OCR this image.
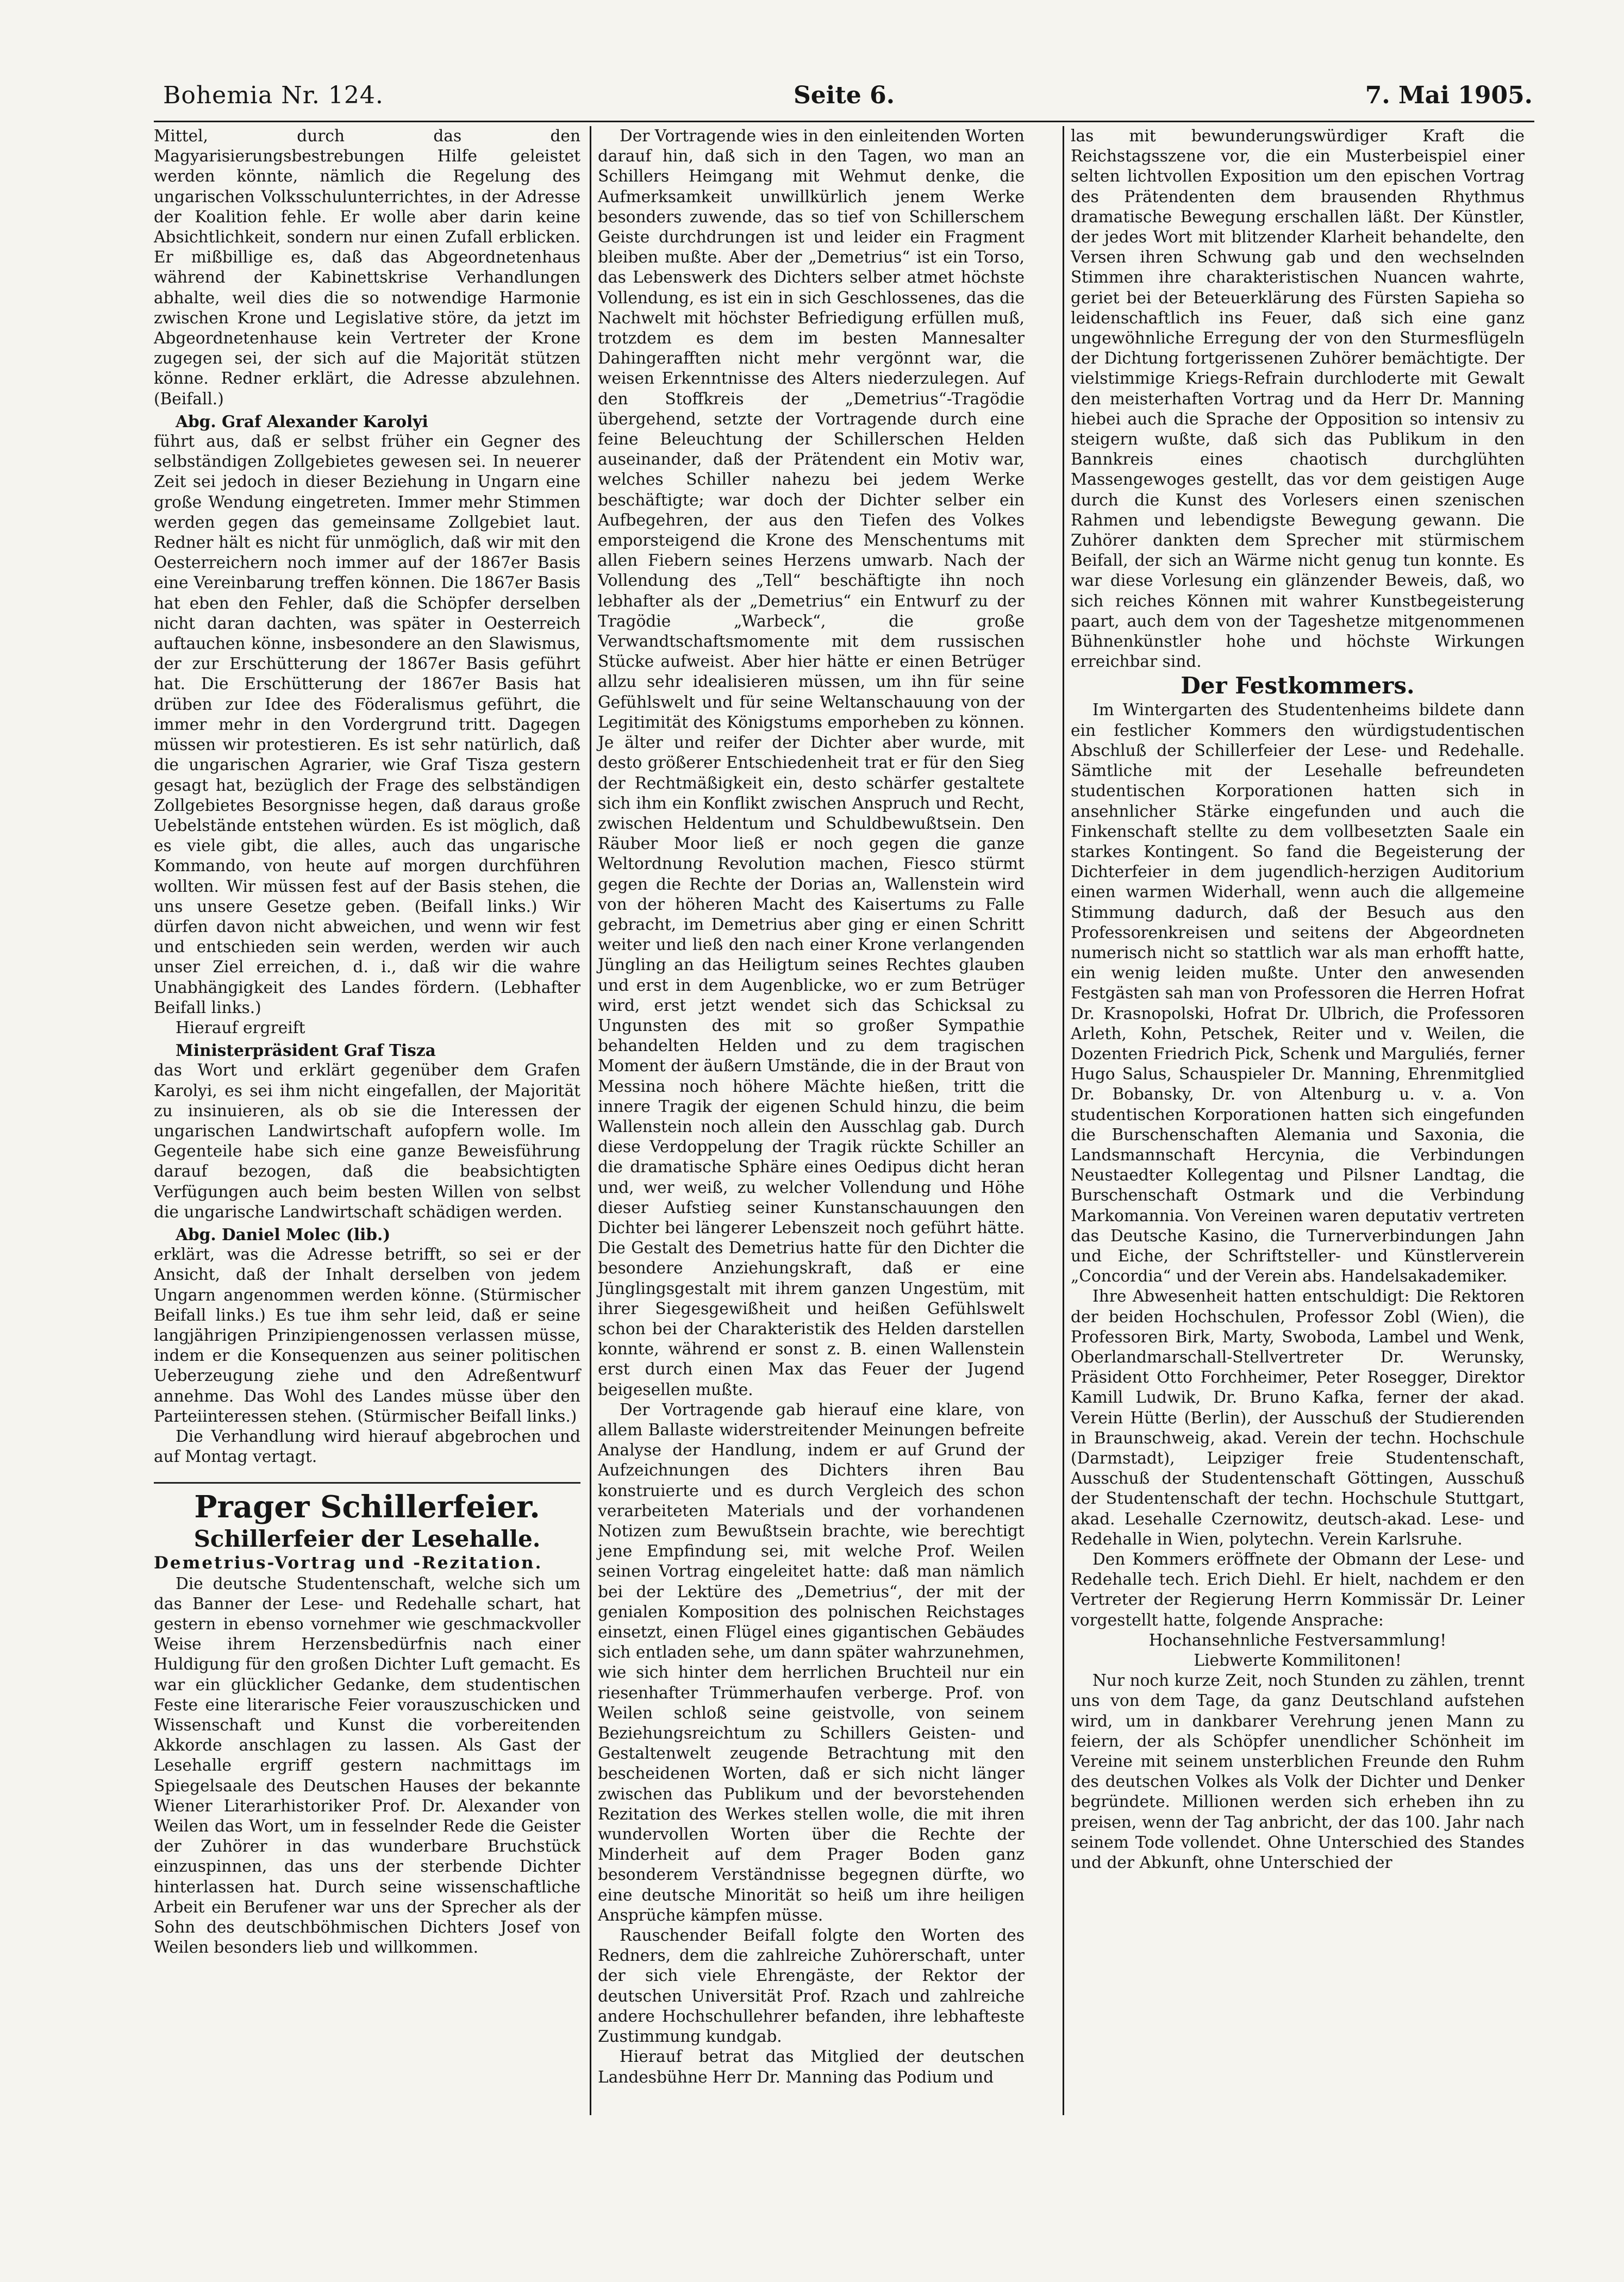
Bohemia Nr. 124.	Seite 6.	7. Mai 1905.

Mittel, durch das den Magyarisierungsbestrebungen Hilfe geleistet werden könnte, nämlich die Regelung des ungarischen Volksschulunterrichtes, in der Adresse der Koalition fehle. Er wolle aber darin keine Absichtlichkeit, sondern nur einen Zufall erblicken. Er mißbillige es, daß das Abgeordnetenhaus während der Kabinettskrise Verhandlungen abhalte, weil dies die so notwendige Harmonie zwischen Krone und Legislative störe, da jetzt im Abgeordnetenhause kein Vertreter der Krone zugegen sei, der sich auf die Majorität stützen könne. Redner erklärt, die Adresse abzulehnen. (Beifall.)

Abg. Graf Alexander Karolyi

führt aus, daß er selbst früher ein Gegner des selbständigen Zollgebietes gewesen sei. In neuerer Zeit sei jedoch in dieser Beziehung in Ungarn eine große Wendung eingetreten. Immer mehr Stimmen werden gegen das gemeinsame Zollgebiet laut. Redner hält es nicht für unmöglich, daß wir mit den Oesterreichern noch immer auf der 1867er Basis eine Vereinbarung treffen können. Die 1867er Basis hat eben den Fehler, daß die Schöpfer derselben nicht daran dachten, was später in Oesterreich auftauchen könne, insbesondere an den Slawismus, der zur Erschütterung der 1867er Basis geführt hat. Die Erschütterung der 1867er Basis hat drüben zur Idee des Föderalismus geführt, die immer mehr in den Vordergrund tritt. Dagegen müssen wir protestieren. Es ist sehr natürlich, daß die ungarischen Agrarier, wie Graf Tisza gestern gesagt hat, bezüglich der Frage des selbständigen Zollgebietes Besorgnisse hegen, daß daraus große Uebelstände entstehen würden. Es ist möglich, daß es viele gibt, die alles, auch das ungarische Kommando, von heute auf morgen durchführen wollten. Wir müssen fest auf der Basis stehen, die uns unsere Gesetze geben. (Beifall links.) Wir dürfen davon nicht abweichen, und wenn wir fest und entschieden sein werden, werden wir auch unser Ziel erreichen, d. i., daß wir die wahre Unabhängigkeit des Landes fördern. (Lebhafter Beifall links.)

Hierauf ergreift

Ministerpräsident Graf Tisza

das Wort und erklärt gegenüber dem Grafen Karolyi, es sei ihm nicht eingefallen, der Majorität zu insinuieren, als ob sie die Interessen der ungarischen Landwirtschaft aufopfern wolle. Im Gegenteile habe sich eine ganze Beweisführung darauf bezogen, daß die beabsichtigten Verfügungen auch beim besten Willen von selbst die ungarische Landwirtschaft schädigen werden.

Abg. Daniel Molec (lib.)

erklärt, was die Adresse betrifft, so sei er der Ansicht, daß der Inhalt derselben von jedem Ungarn angenommen werden könne. (Stürmischer Beifall links.) Es tue ihm sehr leid, daß er seine langjährigen Prinzipiengenossen verlassen müsse, indem er die Konsequenzen aus seiner politischen Ueberzeugung ziehe und den Adreßentwurf annehme. Das Wohl des Landes müsse über den Parteiinteressen stehen. (Stürmischer Beifall links.)

Die Verhandlung wird hierauf abgebrochen und auf Montag vertagt.

Prager Schillerfeier.

Schillerfeier der Lesehalle.

Demetrius-Vortrag und -Rezitation.

Die deutsche Studentenschaft, welche sich um das Banner der Lese- und Redehalle schart, hat gestern in ebenso vornehmer wie geschmackvoller Weise ihrem Herzensbedürfnis nach einer Huldigung für den großen Dichter Luft gemacht. Es war ein glücklicher Gedanke, dem studentischen Feste eine literarische Feier vorauszuschicken und Wissenschaft und Kunst die vorbereitenden Akkorde anschlagen zu lassen. Als Gast der Lesehalle ergriff gestern nachmittags im Spiegelsaale des Deutschen Hauses der bekannte Wiener Literarhistoriker Prof. Dr. Alexander von Weilen das Wort, um in fesselnder Rede die Geister der Zuhörer in das wunderbare Bruchstück einzuspinnen, das uns der sterbende Dichter hinterlassen hat. Durch seine wissenschaftliche Arbeit ein Berufener war uns der Sprecher als der Sohn des deutschböhmischen Dichters Josef von Weilen besonders lieb und willkommen.

Der Vortragende wies in den einleitenden Worten darauf hin, daß sich in den Tagen, wo man an Schillers Heimgang mit Wehmut denke, die Aufmerksamkeit unwillkürlich jenem Werke besonders zuwende, das so tief von Schillerschem Geiste durchdrungen ist und leider ein Fragment bleiben mußte. Aber der „Demetrius“ ist ein Torso, das Lebenswerk des Dichters selber atmet höchste Vollendung, es ist ein in sich Geschlossenes, das die Nachwelt mit höchster Befriedigung erfüllen muß, trotzdem es dem im besten Mannesalter Dahingerafften nicht mehr vergönnt war, die weisen Erkenntnisse des Alters niederzulegen. Auf den Stoffkreis der „Demetrius“-Tragödie übergehend, setzte der Vortragende durch eine feine Beleuchtung der Schillerschen Helden auseinander, daß der Prätendent ein Motiv war, welches Schiller nahezu bei jedem Werke beschäftigte; war doch der Dichter selber ein Aufbegehren, der aus den Tiefen des Volkes emporsteigend die Krone des Menschentums mit allen Fiebern seines Herzens umwarb. Nach der Vollendung des „Tell“ beschäftigte ihn noch lebhafter als der „Demetrius“ ein Entwurf zu der Tragödie „Warbeck“, die große Verwandtschaftsmomente mit dem russischen Stücke aufweist. Aber hier hätte er einen Betrüger allzu sehr idealisieren müssen, um ihn für seine Gefühlswelt und für seine Weltanschauung von der Legitimität des Königstums emporheben zu können. Je älter und reifer der Dichter aber wurde, mit desto größerer Entschiedenheit trat er für den Sieg der Rechtmäßigkeit ein, desto schärfer gestaltete sich ihm ein Konflikt zwischen Anspruch und Recht, zwischen Heldentum und Schuldbewußtsein. Den Räuber Moor ließ er noch gegen die ganze Weltordnung Revolution machen, Fiesco stürmt gegen die Rechte der Dorias an, Wallenstein wird von der höheren Macht des Kaisertums zu Falle gebracht, im Demetrius aber ging er einen Schritt weiter und ließ den nach einer Krone verlangenden Jüngling an das Heiligtum seines Rechtes glauben und erst in dem Augenblicke, wo er zum Betrüger wird, erst jetzt wendet sich das Schicksal zu Ungunsten des mit so großer Sympathie behandelten Helden und zu dem tragischen Moment der äußern Umstände, die in der Braut von Messina noch höhere Mächte hießen, tritt die innere Tragik der eigenen Schuld hinzu, die beim Wallenstein noch allein den Ausschlag gab. Durch diese Verdoppelung der Tragik rückte Schiller an die dramatische Sphäre eines Oedipus dicht heran und, wer weiß, zu welcher Vollendung und Höhe dieser Aufstieg seiner Kunstanschauungen den Dichter bei längerer Lebenszeit noch geführt hätte. Die Gestalt des Demetrius hatte für den Dichter die besondere Anziehungskraft, daß er eine Jünglingsgestalt mit ihrem ganzen Ungestüm, mit ihrer Siegesgewißheit und heißen Gefühlswelt schon bei der Charakteristik des Helden darstellen konnte, während er sonst z. B. einen Wallenstein erst durch einen Max das Feuer der Jugend beigesellen mußte.

Der Vortragende gab hierauf eine klare, von allem Ballaste widerstreitender Meinungen befreite Analyse der Handlung, indem er auf Grund der Aufzeichnungen des Dichters ihren Bau konstruierte und es durch Vergleich des schon verarbeiteten Materials und der vorhandenen Notizen zum Bewußtsein brachte, wie berechtigt jene Empfindung sei, mit welche Prof. Weilen seinen Vortrag eingeleitet hatte: daß man nämlich bei der Lektüre des „Demetrius“, der mit der genialen Komposition des polnischen Reichstages einsetzt, einen Flügel eines gigantischen Gebäudes sich entladen sehe, um dann später wahrzunehmen, wie sich hinter dem herrlichen Bruchteil nur ein riesenhafter Trümmerhaufen verberge. Prof. von Weilen schloß seine geistvolle, von seinem Beziehungsreichtum zu Schillers Geisten- und Gestaltenwelt zeugende Betrachtung mit den bescheidenen Worten, daß er sich nicht länger zwischen das Publikum und der bevorstehenden Rezitation des Werkes stellen wolle, die mit ihren wundervollen Worten über die Rechte der Minderheit auf dem Prager Boden ganz besonderem Verständnisse begegnen dürfte, wo eine deutsche Minorität so heiß um ihre heiligen Ansprüche kämpfen müsse.

Rauschender Beifall folgte den Worten des Redners, dem die zahlreiche Zuhörerschaft, unter der sich viele Ehrengäste, der Rektor der deutschen Universität Prof. Rzach und zahlreiche andere Hochschullehrer befanden, ihre lebhafteste Zustimmung kundgab.

Hierauf betrat das Mitglied der deutschen Landesbühne Herr Dr. Manning das Podium und

las mit bewunderungswürdiger Kraft die Reichstagsszene vor, die ein Musterbeispiel einer selten lichtvollen Exposition um den epischen Vortrag des Prätendenten dem brausenden Rhythmus dramatische Bewegung erschallen läßt. Der Künstler, der jedes Wort mit blitzender Klarheit behandelte, den Versen ihren Schwung gab und den wechselnden Stimmen ihre charakteristischen Nuancen wahrte, geriet bei der Beteuerklärung des Fürsten Sapieha so leidenschaftlich ins Feuer, daß sich eine ganz ungewöhnliche Erregung der von den Sturmesflügeln der Dichtung fortgerissenen Zuhörer bemächtigte. Der vielstimmige Kriegs-Refrain durchloderte mit Gewalt den meisterhaften Vortrag und da Herr Dr. Manning hiebei auch die Sprache der Opposition so intensiv zu steigern wußte, daß sich das Publikum in den Bannkreis eines chaotisch durchglühten Massengewoges gestellt, das vor dem geistigen Auge durch die Kunst des Vorlesers einen szenischen Rahmen und lebendigste Bewegung gewann. Die Zuhörer dankten dem Sprecher mit stürmischem Beifall, der sich an Wärme nicht genug tun konnte. Es war diese Vorlesung ein glänzender Beweis, daß, wo sich reiches Können mit wahrer Kunstbegeisterung paart, auch dem von der Tageshetze mitgenommenen Bühnenkünstler hohe und höchste Wirkungen erreichbar sind.

Der Festkommers.

Im Wintergarten des Studentenheims bildete dann ein festlicher Kommers den würdigstudentischen Abschluß der Schillerfeier der Lese- und Redehalle. Sämtliche mit der Lesehalle befreundeten studentischen Korporationen hatten sich in ansehnlicher Stärke eingefunden und auch die Finkenschaft stellte zu dem vollbesetzten Saale ein starkes Kontingent. So fand die Begeisterung der Dichterfeier in dem jugendlich-herzigen Auditorium einen warmen Widerhall, wenn auch die allgemeine Stimmung dadurch, daß der Besuch aus den Professorenkreisen und seitens der Abgeordneten numerisch nicht so stattlich war als man erhofft hatte, ein wenig leiden mußte. Unter den anwesenden Festgästen sah man von Professoren die Herren Hofrat Dr. Krasnopolski, Hofrat Dr. Ulbrich, die Professoren Arleth, Kohn, Petschek, Reiter und v. Weilen, die Dozenten Friedrich Pick, Schenk und Marguliés, ferner Hugo Salus, Schauspieler Dr. Manning, Ehrenmitglied Dr. Bobansky, Dr. von Altenburg u. v. a. Von studentischen Korporationen hatten sich eingefunden die Burschenschaften Alemania und Saxonia, die Landsmannschaft Hercynia, die Verbindungen Neustaedter Kollegentag und Pilsner Landtag, die Burschenschaft Ostmark und die Verbindung Markomannia. Von Vereinen waren deputativ vertreten das Deutsche Kasino, die Turnerverbindungen Jahn und Eiche, der Schriftsteller- und Künstlerverein „Concordia“ und der Verein abs. Handelsakademiker.

Ihre Abwesenheit hatten entschuldigt: Die Rektoren der beiden Hochschulen, Professor Zobl (Wien), die Professoren Birk, Marty, Swoboda, Lambel und Wenk, Oberlandmarschall-Stellvertreter Dr. Werunsky, Präsident Otto Forchheimer, Peter Rosegger, Direktor Kamill Ludwik, Dr. Bruno Kafka, ferner der akad. Verein Hütte (Berlin), der Ausschuß der Studierenden in Braunschweig, akad. Verein der techn. Hochschule (Darmstadt), Leipziger freie Studentenschaft, Ausschuß der Studentenschaft Göttingen, Ausschuß der Studentenschaft der techn. Hochschule Stuttgart, akad. Lesehalle Czernowitz, deutsch-akad. Lese- und Redehalle in Wien, polytechn. Verein Karlsruhe.

Den Kommers eröffnete der Obmann der Lese- und Redehalle tech. Erich Diehl. Er hielt, nachdem er den Vertreter der Regierung Herrn Kommissär Dr. Leiner vorgestellt hatte, folgende Ansprache:

Hochansehnliche Festversammlung!

Liebwerte Kommilitonen!

Nur noch kurze Zeit, noch Stunden zu zählen, trennt uns von dem Tage, da ganz Deutschland aufstehen wird, um in dankbarer Verehrung jenen Mann zu feiern, der als Schöpfer unendlicher Schönheit im Vereine mit seinem unsterblichen Freunde den Ruhm des deutschen Volkes als Volk der Dichter und Denker begründete. Millionen werden sich erheben ihn zu preisen, wenn der Tag anbricht, der das 100. Jahr nach seinem Tode vollendet. Ohne Unterschied des Standes und der Abkunft, ohne Unterschied der
